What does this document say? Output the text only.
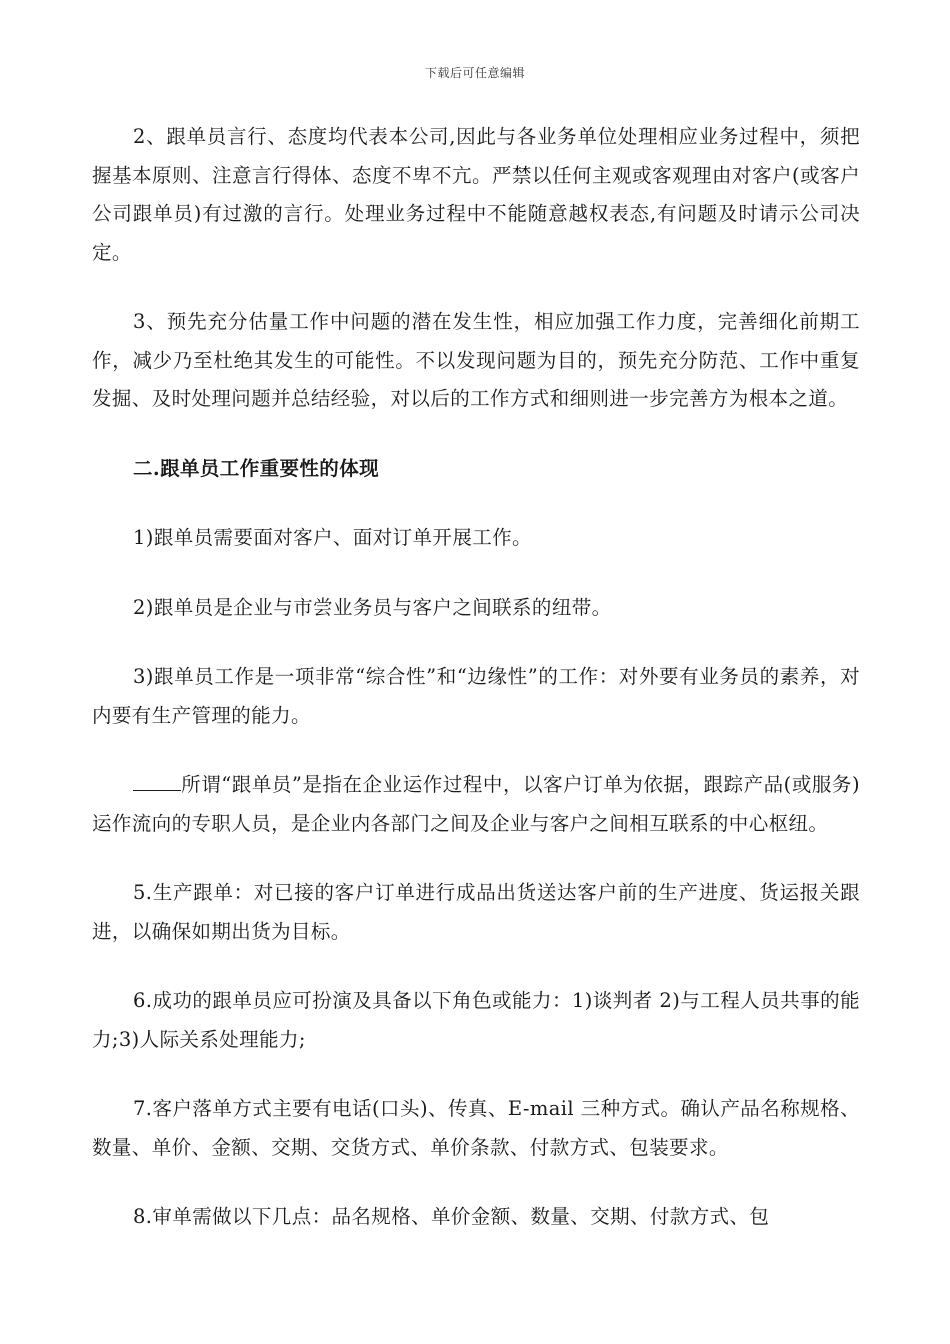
下载后可任意编辑

2、跟单员言行、态度均代表本公司,因此与各业务单位处理相应业务过程中，须把握基本原则、注意言行得体、态度不卑不亢。严禁以任何主观或客观理由对客户(或客户公司跟单员)有过激的言行。处理业务过程中不能随意越权表态,有问题及时请示公司决定。

3、预先充分估量工作中问题的潜在发生性，相应加强工作力度，完善细化前期工作，减少乃至杜绝其发生的可能性。不以发现问题为目的，预先充分防范、工作中重复发掘、及时处理问题并总结经验，对以后的工作方式和细则进一步完善方为根本之道。

二.跟单员工作重要性的体现

1)跟单员需要面对客户、面对订单开展工作。

2)跟单员是企业与市尝业务员与客户之间联系的纽带。

3)跟单员工作是一项非常“综合性”和“边缘性”的工作：对外要有业务员的素养，对内要有生产管理的能力。

所谓“跟单员”是指在企业运作过程中，以客户订单为依据，跟踪产品(或服务)运作流向的专职人员，是企业内各部门之间及企业与客户之间相互联系的中心枢纽。

5.生产跟单：对已接的客户订单进行成品出货送达客户前的生产进度、货运报关跟进，以确保如期出货为目标。

6.成功的跟单员应可扮演及具备以下角色或能力：1)谈判者 2)与工程人员共事的能力;3)人际关系处理能力;

7.客户落单方式主要有电话(口头)、传真、E-mail 三种方式。确认产品名称规格、数量、单价、金额、交期、交货方式、单价条款、付款方式、包装要求。

8.审单需做以下几点：品名规格、单价金额、数量、交期、付款方式、包
